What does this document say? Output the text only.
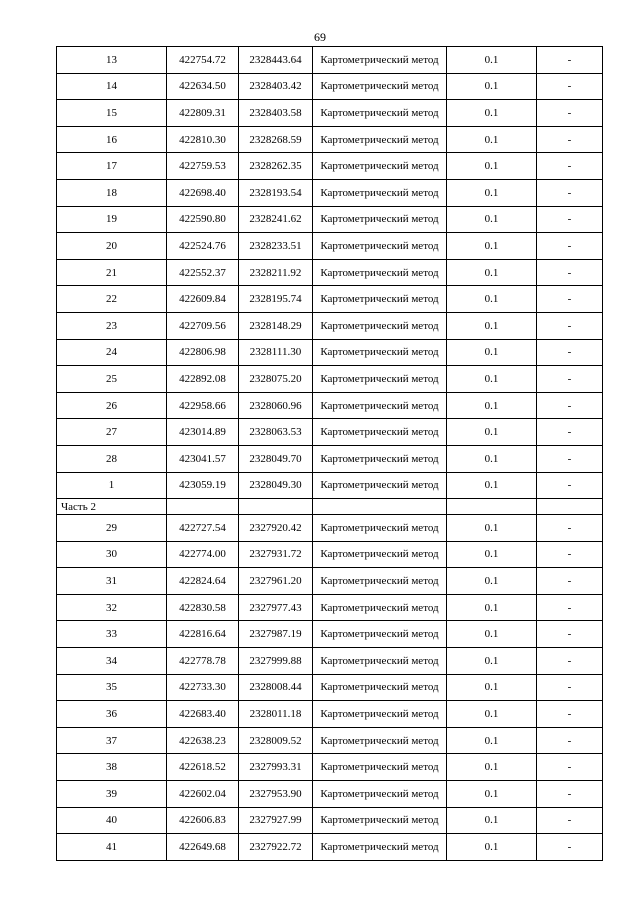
69
13	422754.72	2328443.64	Картометрический метод	0.1	-
14	422634.50	2328403.42	Картометрический метод	0.1	-
15	422809.31	2328403.58	Картометрический метод	0.1	-
16	422810.30	2328268.59	Картометрический метод	0.1	-
17	422759.53	2328262.35	Картометрический метод	0.1	-
18	422698.40	2328193.54	Картометрический метод	0.1	-
19	422590.80	2328241.62	Картометрический метод	0.1	-
20	422524.76	2328233.51	Картометрический метод	0.1	-
21	422552.37	2328211.92	Картометрический метод	0.1	-
22	422609.84	2328195.74	Картометрический метод	0.1	-
23	422709.56	2328148.29	Картометрический метод	0.1	-
24	422806.98	2328111.30	Картометрический метод	0.1	-
25	422892.08	2328075.20	Картометрический метод	0.1	-
26	422958.66	2328060.96	Картометрический метод	0.1	-
27	423014.89	2328063.53	Картометрический метод	0.1	-
28	423041.57	2328049.70	Картометрический метод	0.1	-
1	423059.19	2328049.30	Картометрический метод	0.1	-
Часть 2					
29	422727.54	2327920.42	Картометрический метод	0.1	-
30	422774.00	2327931.72	Картометрический метод	0.1	-
31	422824.64	2327961.20	Картометрический метод	0.1	-
32	422830.58	2327977.43	Картометрический метод	0.1	-
33	422816.64	2327987.19	Картометрический метод	0.1	-
34	422778.78	2327999.88	Картометрический метод	0.1	-
35	422733.30	2328008.44	Картометрический метод	0.1	-
36	422683.40	2328011.18	Картометрический метод	0.1	-
37	422638.23	2328009.52	Картометрический метод	0.1	-
38	422618.52	2327993.31	Картометрический метод	0.1	-
39	422602.04	2327953.90	Картометрический метод	0.1	-
40	422606.83	2327927.99	Картометрический метод	0.1	-
41	422649.68	2327922.72	Картометрический метод	0.1	-
